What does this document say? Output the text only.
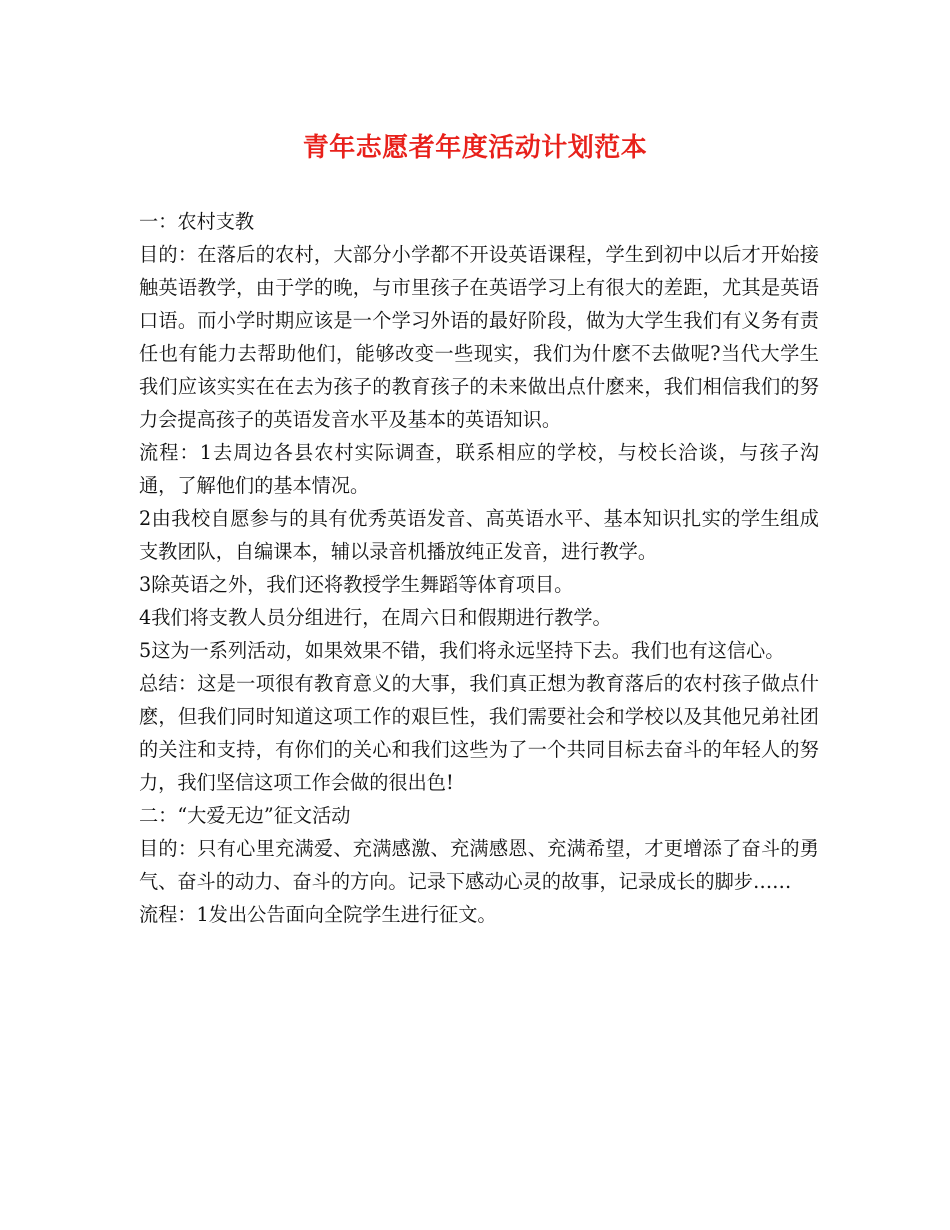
青年志愿者年度活动计划范本

一：农村支教

目的：在落后的农村，大部分小学都不开设英语课程，学生到初中以后才开始接触英语教学，由于学的晚，与市里孩子在英语学习上有很大的差距，尤其是英语口语。而小学时期应该是一个学习外语的最好阶段，做为大学生我们有义务有责任也有能力去帮助他们，能够改变一些现实，我们为什麽不去做呢?当代大学生我们应该实实在在去为孩子的教育孩子的未来做出点什麽来，我们相信我们的努力会提高孩子的英语发音水平及基本的英语知识。

流程：1去周边各县农村实际调查，联系相应的学校，与校长洽谈，与孩子沟通，了解他们的基本情况。

2由我校自愿参与的具有优秀英语发音、高英语水平、基本知识扎实的学生组成支教团队，自编课本，辅以录音机播放纯正发音，进行教学。

3除英语之外，我们还将教授学生舞蹈等体育项目。

4我们将支教人员分组进行，在周六日和假期进行教学。

5这为一系列活动，如果效果不错，我们将永远坚持下去。我们也有这信心。

总结：这是一项很有教育意义的大事，我们真正想为教育落后的农村孩子做点什麽，但我们同时知道这项工作的艰巨性，我们需要社会和学校以及其他兄弟社团的关注和支持，有你们的关心和我们这些为了一个共同目标去奋斗的年轻人的努力，我们坚信这项工作会做的很出色!

二：“大爱无边”征文活动

目的：只有心里充满爱、充满感激、充满感恩、充满希望，才更增添了奋斗的勇气、奋斗的动力、奋斗的方向。记录下感动心灵的故事，记录成长的脚步……

流程：1发出公告面向全院学生进行征文。
